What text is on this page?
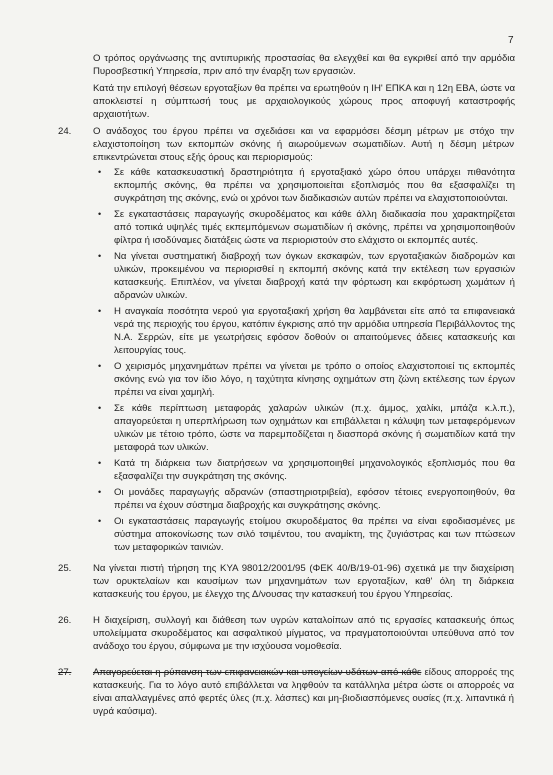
7

Ο τρόπος οργάνωσης της αντιπυρικής προστασίας θα ελεγχθεί και θα εγκριθεί από την αρμόδια Πυροσβεστική Υπηρεσία, πριν από την έναρξη των εργασιών.

Κατά την επιλογή θέσεων εργοταξίων θα πρέπει να ερωτηθούν η ΙΗ' ΕΠΚΑ και η 12η ΕΒΑ, ώστε να αποκλειστεί η σύμπτωσή τους με αρχαιολογικούς χώρους προς αποφυγή καταστροφής αρχαιοτήτων.

24.	Ο ανάδοχος του έργου πρέπει να σχεδιάσει και να εφαρμόσει δέσμη μέτρων με στόχο την ελαχιστοποίηση των εκπομπών σκόνης ή αιωρούμενων σωματιδίων. Αυτή η δέσμη μέτρων επικεντρώνεται στους εξής όρους και περιορισμούς:

•	Σε κάθε κατασκευαστική δραστηριότητα ή εργοταξιακό χώρο όπου υπάρχει πιθανότητα εκπομπής σκόνης, θα πρέπει να χρησιμοποιείται εξοπλισμός που θα εξασφαλίζει τη συγκράτηση της σκόνης, ενώ οι χρόνοι των διαδικασιών αυτών πρέπει να ελαχιστοποιούνται.
•	Σε εγκαταστάσεις παραγωγής σκυροδέματος και κάθε άλλη διαδικασία που χαρακτηρίζεται από τοπικά υψηλές τιμές εκπεμπόμενων σωματιδίων ή σκόνης, πρέπει να χρησιμοποιηθούν φίλτρα ή ισοδύναμες διατάξεις ώστε να περιοριστούν στο ελάχιστο οι εκπομπές αυτές.
•	Να γίνεται συστηματική διαβροχή των όγκων εκσκαφών, των εργοταξιακών διαδρομών και υλικών, προκειμένου να περιορισθεί η εκπομπή σκόνης κατά την εκτέλεση των εργασιών κατασκευής. Επιπλέον, να γίνεται διαβροχή κατά την φόρτωση και εκφόρτωση χωμάτων ή αδρανών υλικών.
•	Η αναγκαία ποσότητα νερού για εργοταξιακή χρήση θα λαμβάνεται είτε από τα επιφανειακά νερά της περιοχής του έργου, κατόπιν έγκρισης από την αρμόδια υπηρεσία Περιβάλλοντος της Ν.Α. Σερρών, είτε με γεωτρήσεις εφόσον δοθούν οι απαιτούμενες άδειες κατασκευής και λειτουργίας τους.
•	Ο χειρισμός μηχανημάτων πρέπει να γίνεται με τρόπο ο οποίος ελαχιστοποιεί τις εκπομπές σκόνης ενώ για τον ίδιο λόγο, η ταχύτητα κίνησης οχημάτων στη ζώνη εκτέλεσης των έργων πρέπει να είναι χαμηλή.
•	Σε κάθε περίπτωση μεταφοράς χαλαρών υλικών (π.χ. άμμος, χαλίκι, μπάζα κ.λ.π.), απαγορεύεται η υπερπλήρωση των οχημάτων και επιβάλλεται η κάλυψη των μεταφερόμενων υλικών με τέτοιο τρόπο, ώστε να παρεμποδίζεται η διασπορά σκόνης ή σωματιδίων κατά την μεταφορά των υλικών.
•	Κατά τη διάρκεια των διατρήσεων να χρησιμοποιηθεί μηχανολογικός εξοπλισμός που θα εξασφαλίζει την συγκράτηση της σκόνης.
•	Οι μονάδες παραγωγής αδρανών (σπαστηριοτριβεία), εφόσον τέτοιες ενεργοποιηθούν, θα πρέπει να έχουν σύστημα διαβροχής και συγκράτησης σκόνης.
•	Οι εγκαταστάσεις παραγωγής ετοίμου σκυροδέματος θα πρέπει να είναι εφοδιασμένες με σύστημα αποκονίωσης των σιλό τσιμέντου, του αναμίκτη, της ζυγιάστρας και των πτώσεων των μεταφορικών ταινιών.
25.	Να γίνεται πιστή τήρηση της ΚΥΑ 98012/2001/95 (ΦΕΚ 40/Β/19-01-96) σχετικά με την διαχείριση των ορυκτελαίων και καυσίμων των μηχανημάτων των εργοταξίων, καθ' όλη τη διάρκεια κατασκευής του έργου, με έλεγχο της Δ/νουσας την κατασκευή του έργου Υπηρεσίας.

26.	Η διαχείριση, συλλογή και διάθεση των υγρών καταλοίπων από τις εργασίες κατασκευής όπως υπολείμματα σκυροδέματος και ασφαλτικού μίγματος, να πραγματοποιούνται υπεύθυνα από τον ανάδοχο του έργου, σύμφωνα με την ισχύουσα νομοθεσία.

27.	Απαγορεύεται η ρύπανση των επιφανειακών και υπογείων υδάτων από κάθε είδους απορροές της κατασκευής. Για το λόγο αυτό επιβάλλεται να ληφθούν τα κατάλληλα μέτρα ώστε οι απορροές να είναι απαλλαγμένες από φερτές ύλες (π.χ. λάσπες) και μη-βιοδιασπόμενες ουσίες (π.χ. λιπαντικά ή υγρά καύσιμα).
